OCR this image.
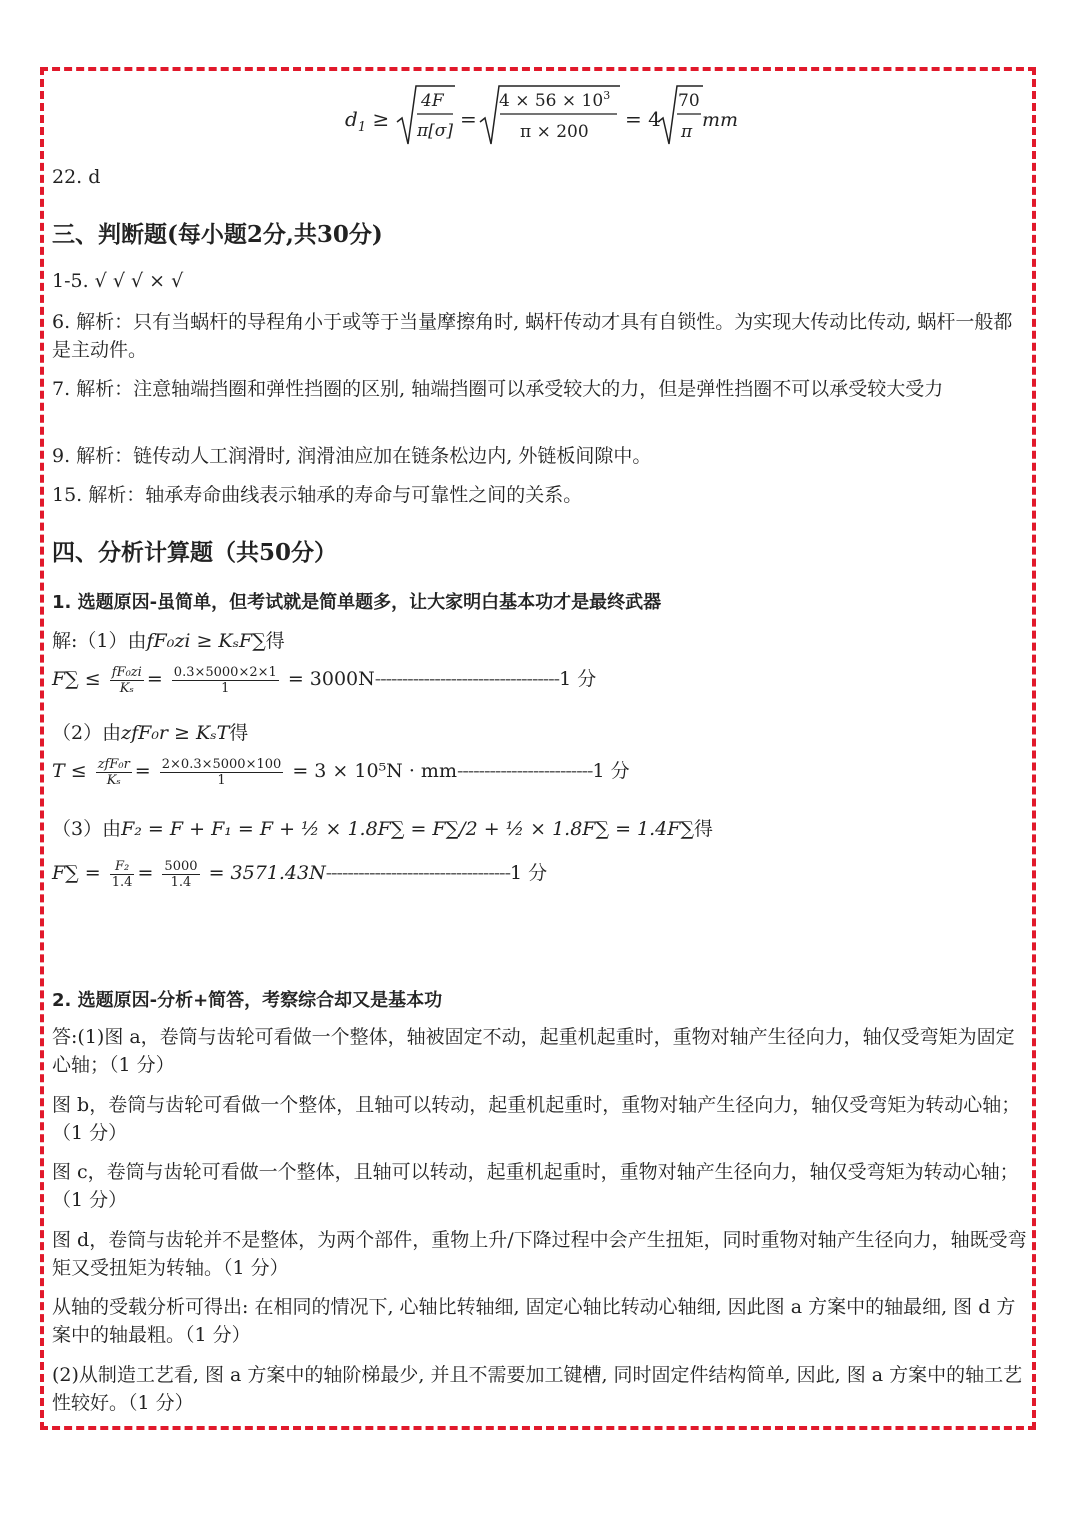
$d_1$ ≥
4F
π[σ] =
$4 \times 56 \times 10^3$
π × 200
= 4
70
π
mm
22. d
三、判断题(每小题2分,共30分)
1-5. √ √ √ × √
6. 解析：只有当蜗杆的导程角小于或等于当量摩擦角时, 蜗杆传动才具有自锁性。为实现大传动比传动, 蜗杆一般都是主动件。
7. 解析：注意轴端挡圈和弹性挡圈的区别, 轴端挡圈可以承受较大的力，但是弹性挡圈不可以承受较大受力
9. 解析：链传动人工润滑时, 润滑油应加在链条松边内, 外链板间隙中。
15. 解析：轴承寿命曲线表示轴承的寿命与可靠性之间的关系。
四、分析计算题（共50分）
1. 选题原因-虽简单，但考试就是简单题多，让大家明白基本功才是最终武器
解:（1）由fF₀zi ≥ KₛF∑得
$F\sum \le \frac{\text{fF₀zi}}{\text{Kₛ}} = \frac{0.3\times 5000\times 2\times 1}{1} = 3000N----------------------------------1$ 分
（2）由zfF₀r ≥ KₛT得
$T \le \frac{\text{zfF₀r}}{\text{Kₛ}} = \frac{2\times 0.3\times 5000\times 100}{1} = 3 \times 10^5N \cdot mm-------------------------1$ 分
（3）由F₂ = F + F₁ = F + ½ × 1.8F∑ = F∑/2 + ½ × 1.8F∑ = 1.4F∑得
$F\sum = \frac{\text{F₂}}{1.4} = \frac{5000}{1.4} = 3571.43N----------------------------------1$ 分
2. 选题原因-分析+简答，考察综合却又是基本功
答:(1)图 a，卷筒与齿轮可看做一个整体，轴被固定不动，起重机起重时，重物对轴产生径向力，轴仅受弯矩为固定心轴；（1 分）
图 b，卷筒与齿轮可看做一个整体，且轴可以转动，起重机起重时，重物对轴产生径向力，轴仅受弯矩为转动心轴；（1 分）
图 c，卷筒与齿轮可看做一个整体，且轴可以转动，起重机起重时，重物对轴产生径向力，轴仅受弯矩为转动心轴；（1 分）
图 d，卷筒与齿轮并不是整体，为两个部件，重物上升/下降过程中会产生扭矩，同时重物对轴产生径向力，轴既受弯矩又受扭矩为转轴。（1 分）
从轴的受载分析可得出: 在相同的情况下, 心轴比转轴细, 固定心轴比转动心轴细, 因此图 a 方案中的轴最细, 图 d 方案中的轴最粗。（1 分）
(2)从制造工艺看, 图 a 方案中的轴阶梯最少, 并且不需要加工键槽, 同时固定件结构简单, 因此, 图 a 方案中的轴工艺性较好。（1 分）
